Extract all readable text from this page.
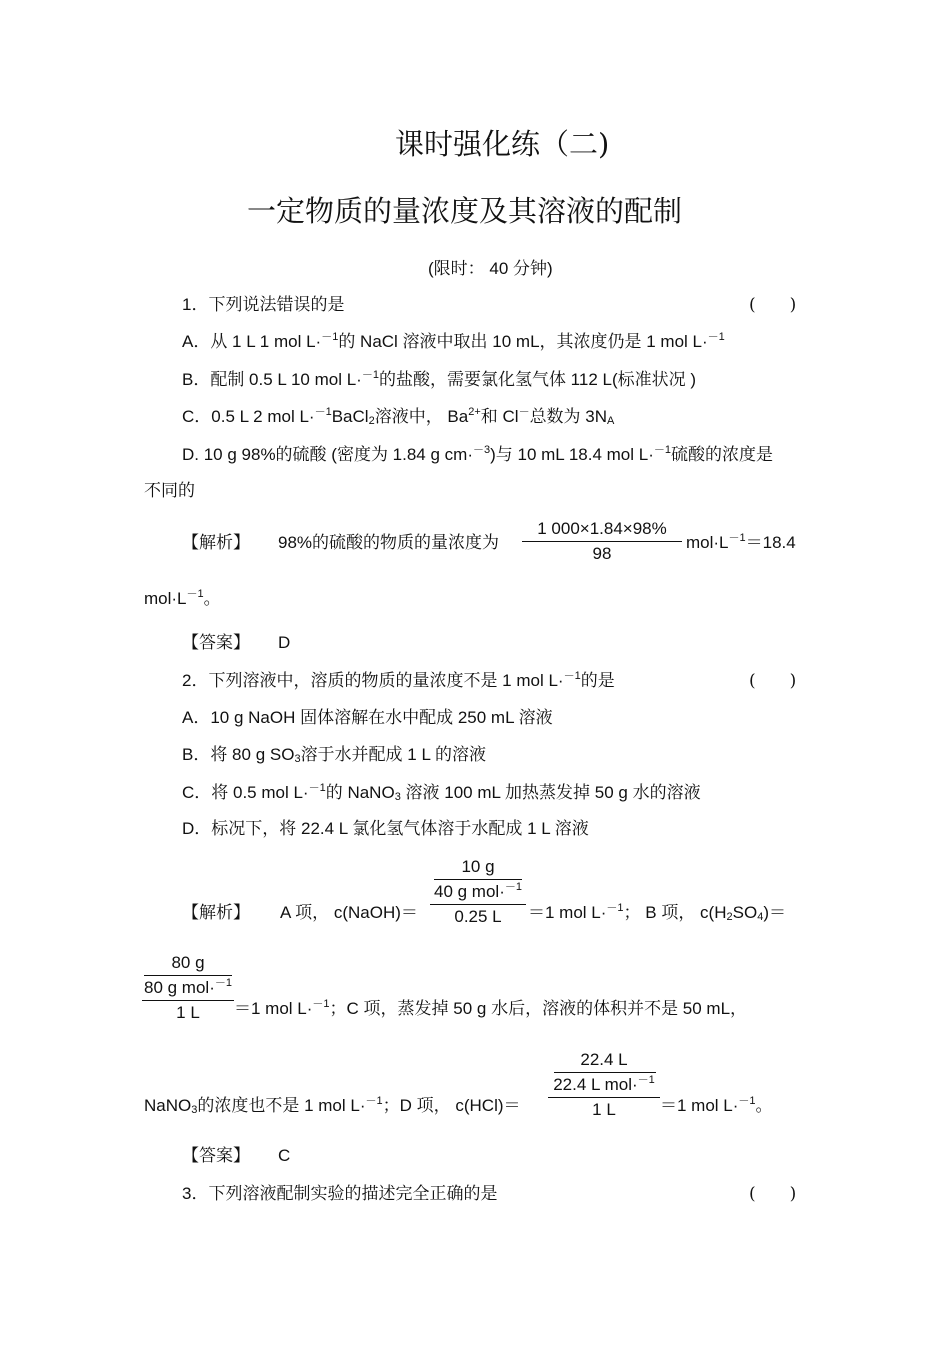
课时强化练（二)
一定物质的量浓度及其溶液的配制
(限时： 40 分钟)
1．下列说法错误的是	(　　)
A．从 1 L 1 mol L·$^{-1}$的 NaCl 溶液中取出 10 mL，其浓度仍是 1 mol L·$^{-1}$
B．配制 0.5 L 10 mol L·$^{-1}$的盐酸，需要氯化氢气体 112 L(标准状况 )
C．0.5 L 2 mol L·$^{-1}$BaCl$_2$溶液中， $Ba^{2+}$和 Cl－总数为 $3N_A$
D. 10 g 98%的硫酸 (密度为 1.84 g cm·$^{-3}$)与 10 mL 18.4 mol L·$^{-1}$硫酸的浓度是
不同的
【解析】 98%的硫酸的物质的量浓度为
1 000×1.84×98%
98
$mol\cdot L^{-1}=18.4$
$mol\cdot L^{-1}$。
【答案】 D
2．下列溶液中，溶质的物质的量浓度不是 1 mol L·$^{-1}$的是	(　　)
A．10 g NaOH 固体溶解在水中配成 250 mL 溶液
B．将 80 g $SO_3$溶于水并配成 1 L 的溶液
C．将 0.5 mol L·$^{-1}$的 NaNO$_3$ 溶液 100 mL 加热蒸发掉 50 g 水的溶液
D．标况下，将 22.4 L 氯化氢气体溶于水配成 1 L 溶液
【解析】 A 项， c(NaOH)＝
10 g
40 g mol·$^{-1}$
0.25 L	＝1 mol L·$^{-1}$； B 项， $c(H_2SO_4)=$
80 g
80 g mol·$^{-1}$
1 L	＝1 mol L·$^{-1}$；C 项，蒸发掉 50 g 水后，溶液的体积并不是 50 mL，
NaNO$_3$的浓度也不是 1 mol L·$^{-1}$；D 项， c(HCl)＝
22.4 L
22.4 L mol·$^{-1}$
1 L	＝1 mol L·$^{-1}$。
【答案】 C
3．下列溶液配制实验的描述完全正确的是	(　　)
